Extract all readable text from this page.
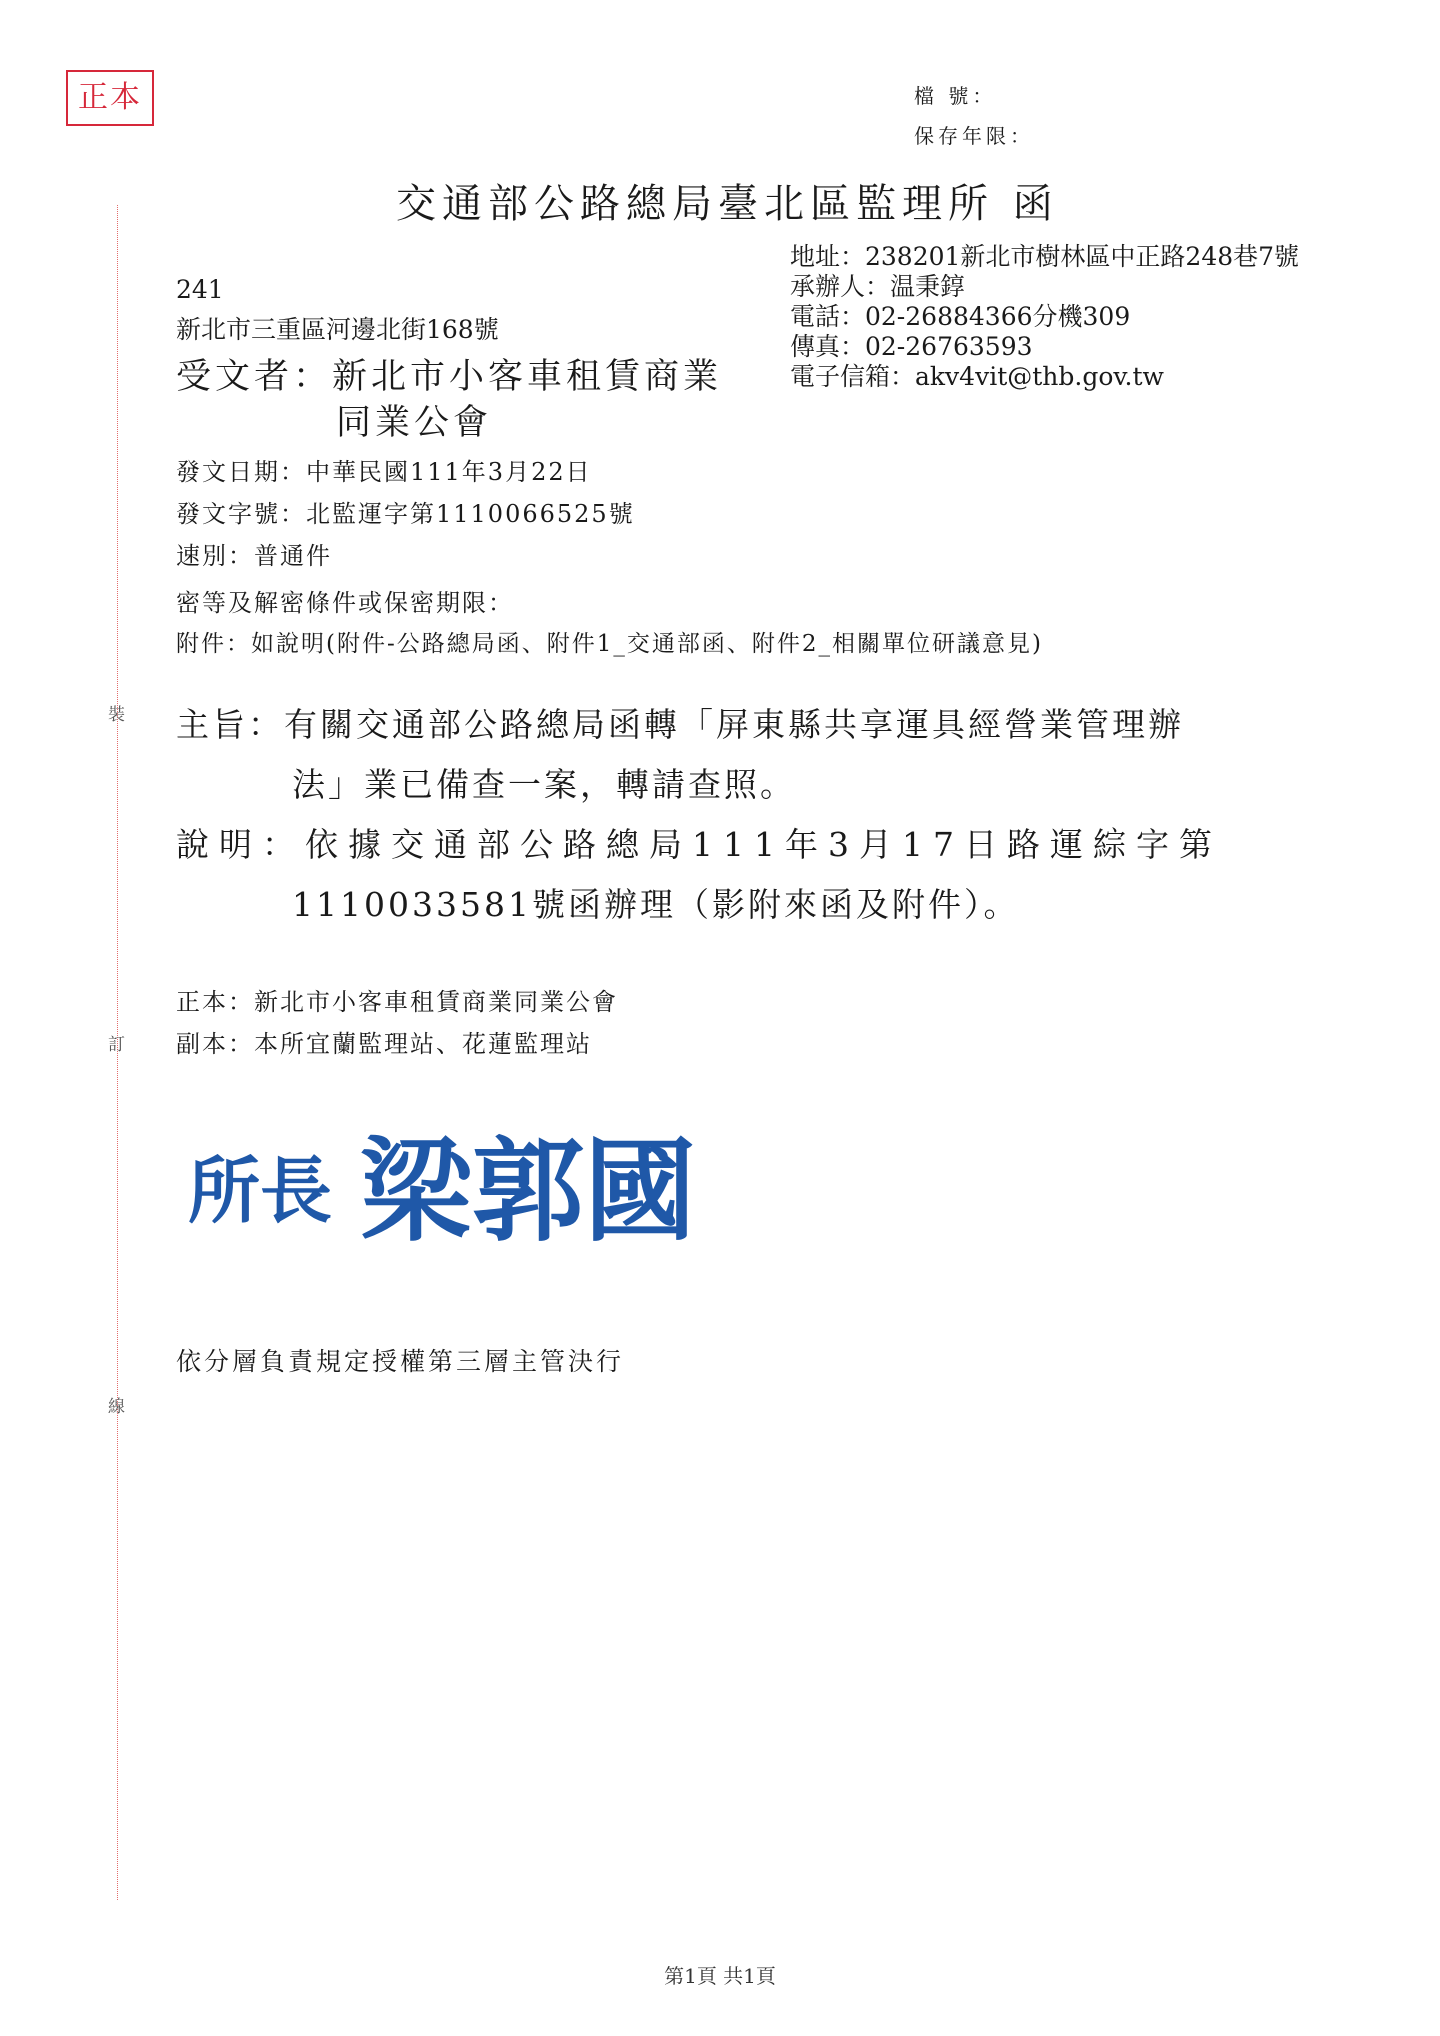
裝
訂
線
正本	檔 號：
保存年限：
交通部公路總局臺北區監理所 函
地址：238201新北市樹林區中正路248巷7號
承辦人：温秉錞
電話：02-26884366分機309
傳真：02-26763593
電子信箱：akv4vit@thb.gov.tw
241
新北市三重區河邊北街168號
受文者：新北市小客車租賃商業
同業公會
發文日期：中華民國111年3月22日
發文字號：北監運字第1110066525號
速別：普通件
密等及解密條件或保密期限：
附件：如說明(附件-公路總局函、附件1_交通部函、附件2_相關單位研議意見)
主旨：有關交通部公路總局函轉「屏東縣共享運具經營業管理辦
法」業已備查一案，轉請查照。
說明：依據交通部公路總局111年3月17日路運綜字第
1110033581號函辦理（影附來函及附件）。
正本：新北市小客車租賃商業同業公會
副本：本所宜蘭監理站、花蓮監理站
所長 梁郭國
依分層負責規定授權第三層主管決行
第1頁 共1頁
